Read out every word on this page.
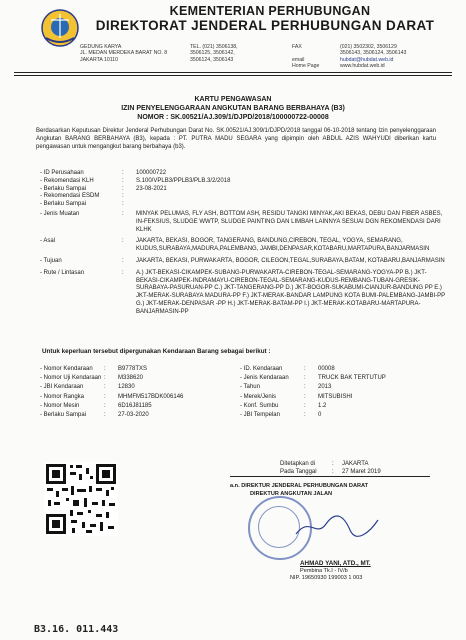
KEMENTERIAN PERHUBUNGAN
DIREKTORAT JENDERAL PERHUBUNGAN DARAT
GEDUNG KARYA
JL. MEDAN MERDEKA BARAT NO. 8
JAKARTA 10110
TEL. (021) 3506138,
3506125, 3506142,
3506124, 3506143
FAX

email
Home Page
(021) 3502302, 3506129
3506143, 3506124, 3506143
hubdat@hubdat.web.id
www.hubdat.web.id
KARTU PENGAWASAN
IZIN PENYELENGGARAAN ANGKUTAN BARANG BERBAHAYA (B3)
NOMOR : SK.00521/AJ.309/1/DJPD/2018/100000722-00008
Berdasarkan Keputusan Direktur Jenderal Perhubungan Darat No. SK.00521/AJ.309/1/DJPD/2018 tanggal 06-10-2018 tentang Izin penyelenggaraan Angkutan BARANG BERBAHAYA (B3), kepada : PT. PUTRA MADU SEGARA yang dipimpin oleh ABDUL AZIS WAHYUDI diberikan kartu pengawasan untuk mengangkut barang berbahaya (b3).
- ID Perusahaan	:	100000722
- Rekomendasi KLH	:	S.100/VPLB3/PPLB3/PLB.3/2/2018
- Berlaku Sampai	:	23-08-2021
- Rekomendasi ESDM	:
- Berlaku Sampai	:
- Jenis Muatan	:	MINYAK PELUMAS, FLY ASH, BOTTOM ASH, RESIDU TANGKI MINYAK,AKI BEKAS, DEBU DAN FIBER ASBES, IN-FEKSIUS, SLUDGE WWTP, SLUDGE PAINTING DAN LIMBAH LAINNYA SESUAI DGN REKOMENDASI DARI KLHK
- Asal	:	JAKARTA, BEKASI, BOGOR, TANGERANG, BANDUNG,CIREBON, TEGAL, YOGYA, SEMARANG, KUDUS,SURABAYA,MADURA,PALEMBANG, JAMBI,DENPASAR,KOTABARU,MARTAPURA,BANJARMASIN
- Tujuan	:	JAKARTA, BEKASI, PURWAKARTA, BOGOR, CILEGON,TEGAL,SURABAYA,BATAM, KOTABARU,BANJARMASIN
- Rute / Lintasan	:	A.) JKT-BEKASI-CIKAMPEK-SUBANG-PURWAKARTA-CIREBON-TEGAL-SEMARANG-YOGYA-PP B.) JKT-BEKASI-CIKAMPEK-INDRAMAYU-CIREBON-TEGAL-SEMARANG-KUDUS-REMBANG-TUBAN-GRESIK-SURABAYA-PASURUAN-PP C.) JKT-TANGERANG-PP D.) JKT-BOGOR-SUKABUMI-CIANJUR-BANDUNG PP E.) JKT-MERAK-SURABAYA MADURA-PP F.) JKT-MERAK-BANDAR LAMPUNG KOTA BUMI-PALEMBANG-JAMBI-PP G.) JKT-MERAK-DENPASAR -PP H.) JKT-MERAK-BATAM-PP I.) JKT-MERAK-KOTABARU-MARTAPURA-BANJARMASIN-PP
Untuk keperluan tersebut dipergunakan Kendaraan Barang sebagai berikut :
- Nomor Kendaraan	:	B9778TXS
- Nomor Uji Kendaraan :	M338620
- JBI Kendaraan	:	12830
- Nomor Rangka	:	MHMFM517BDK006146
- Nomor Mesin	:	6D16J81185
- Berlaku Sampai	:	27-03-2020
- ID. Kendaraan	:	00008
- Jenis Kendaraan	:	TRUCK BAK TERTUTUP
- Tahun	:	2013
- Merek/Jenis	:	MITSUBISHI
- Konf. Sumbu	:	1.2
- JBI Tempelan	:	0
Ditetapkan di	:	JAKARTA
Pada Tanggal	:	27 Maret 2019
a.n. DIREKTUR JENDERAL PERHUBUNGAN DARAT
DIREKTUR ANGKUTAN JALAN
AHMAD YANI, ATD., MT.
Pembina Tk.I - IV/b
NIP. 19650930 199003 1 003
B3.16. 011.443
